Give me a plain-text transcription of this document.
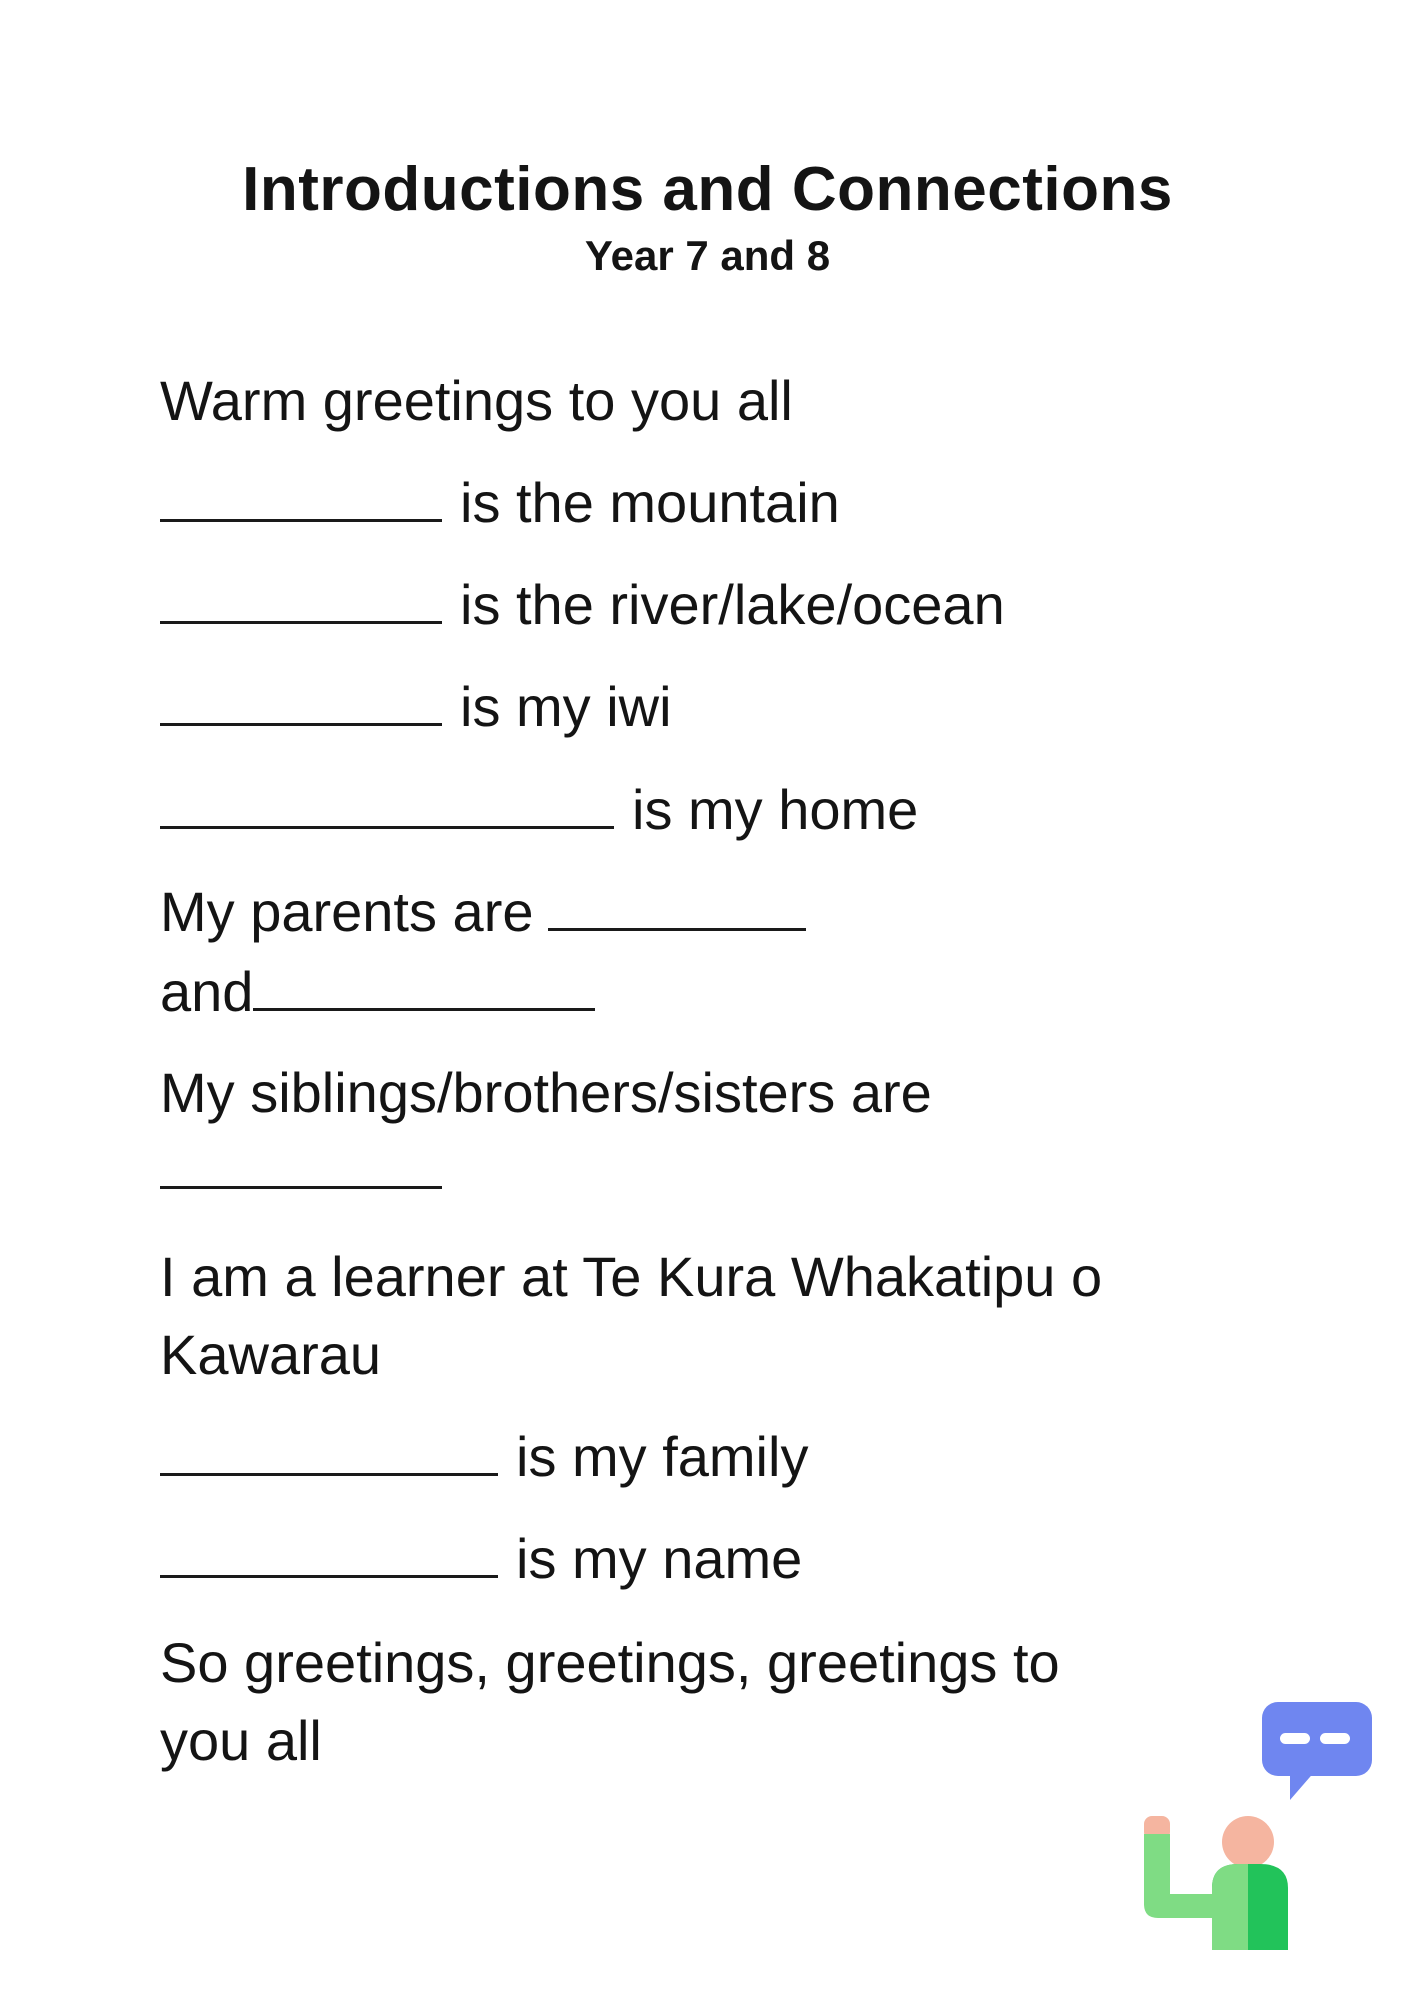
Introductions and Connections
Year 7 and 8
Warm greetings to you all
is the mountain
is the river/lake/ocean
is my iwi
is my home
My parents are
and
My siblings/brothers/sisters are
I am a learner at Te Kura Whakatipu o
Kawarau
is my family
is my name
So greetings, greetings, greetings to
you all
